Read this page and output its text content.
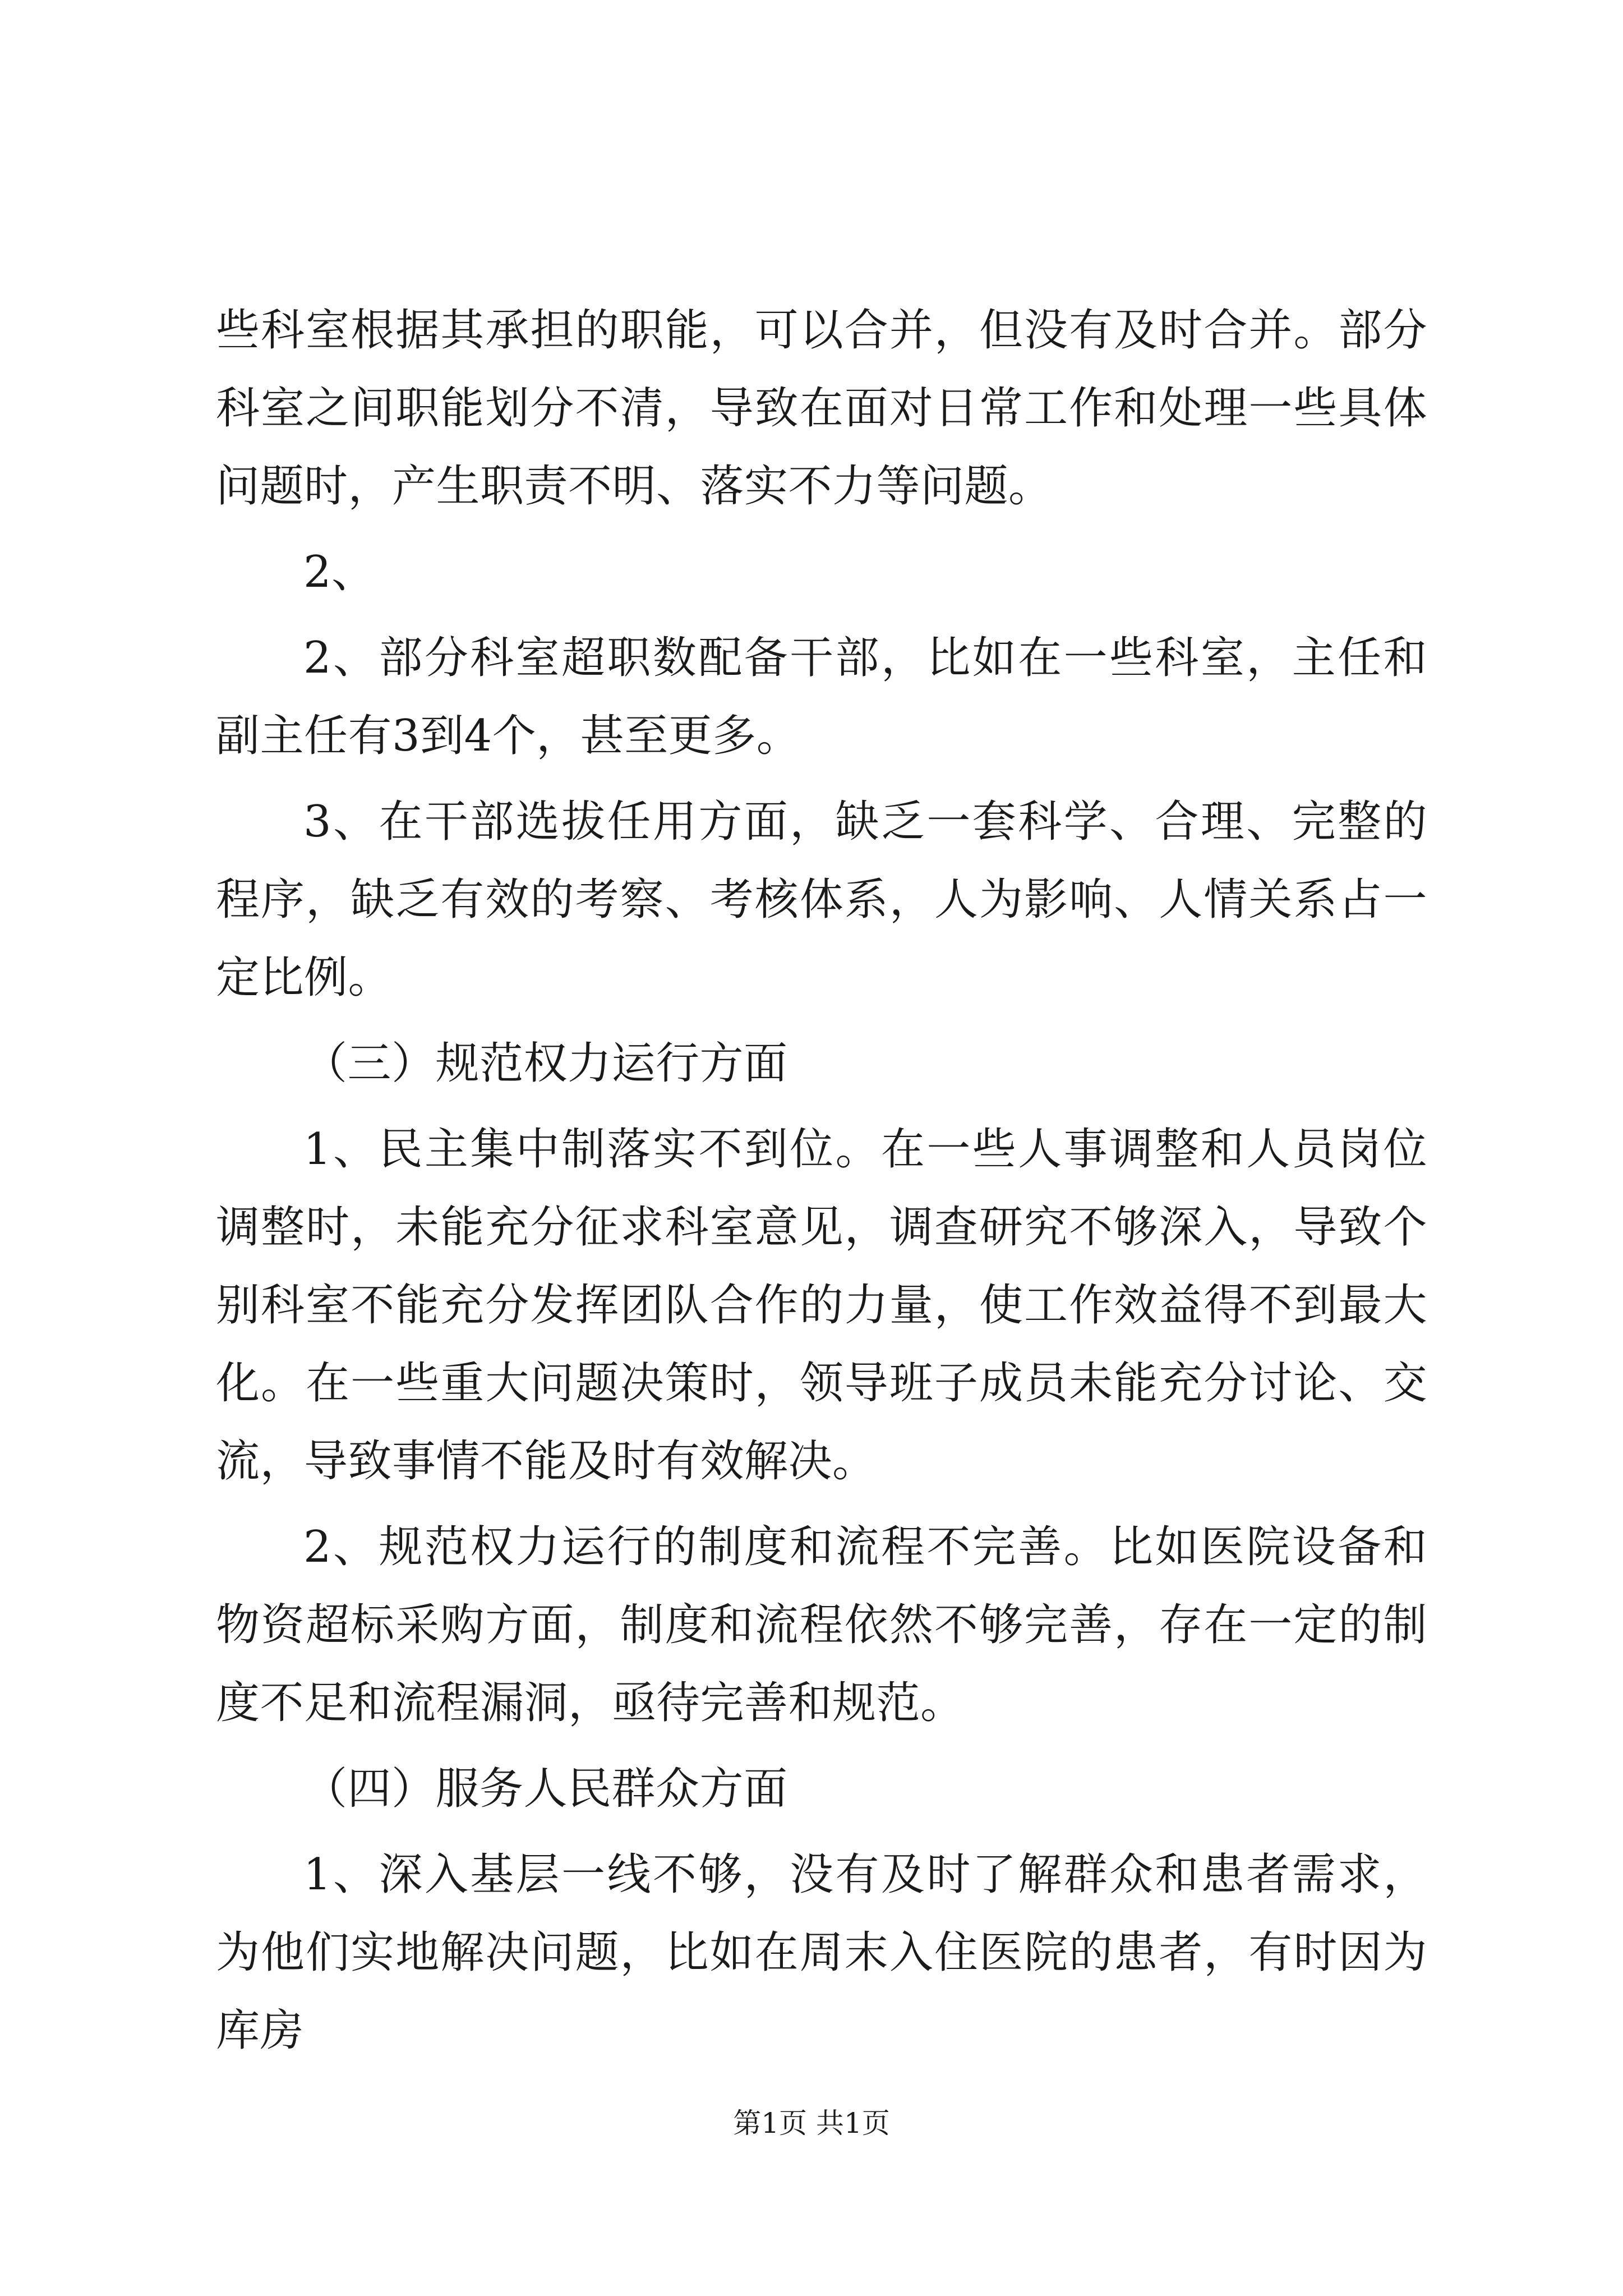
些科室根据其承担的职能，可以合并，但没有及时合并。部分科室之间职能划分不清，导致在面对日常工作和处理一些具体问题时，产生职责不明、落实不力等问题。

2、

2、部分科室超职数配备干部，比如在一些科室，主任和副主任有3到4个，甚至更多。

3、在干部选拔任用方面，缺乏一套科学、合理、完整的程序，缺乏有效的考察、考核体系，人为影响、人情关系占一定比例。

（三）规范权力运行方面

1、民主集中制落实不到位。在一些人事调整和人员岗位调整时，未能充分征求科室意见，调查研究不够深入，导致个别科室不能充分发挥团队合作的力量，使工作效益得不到最大化。在一些重大问题决策时，领导班子成员未能充分讨论、交流，导致事情不能及时有效解决。

2、规范权力运行的制度和流程不完善。比如医院设备和物资超标采购方面，制度和流程依然不够完善，存在一定的制度不足和流程漏洞，亟待完善和规范。

（四）服务人民群众方面

1、深入基层一线不够，没有及时了解群众和患者需求，为他们实地解决问题，比如在周末入住医院的患者，有时因为库房

第1页 共1页
